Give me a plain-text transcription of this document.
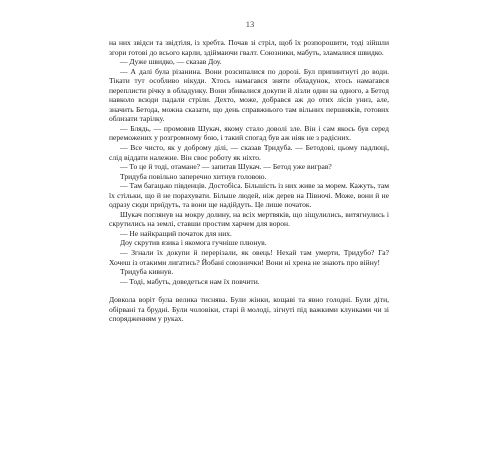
13

на них звідси та звідтіля, із хребта. Почав зі стріл, щоб їх розпорошити, тоді зійшли згори готові до всього карли, здіймаючи гвалт. Союзники, мабуть, зламалися швидко.

— Дуже швидко, — сказав Доу.

— А далі була різанина. Вони розсипалися по дорозі. Бул припинтнуті до води. Тікати тут особливо нікуди. Хтось намагався зняти обладунок, хтось намагався переплисти річку в обладунку. Вони збивалися докупи й лізли один на одного, а Бетод навколо всюди падали стріли. Дехто, може, добрався аж до отих лісів униз, але, значить Бетода, можна сказати, що день справжнього там вільних першняків, готових облизати тарілку.

— Блядь, — промовив Шукач, якому стало доволі зле. Він і сам якось був серед переможених у розгромному бою, і такий спогад був аж ніяк не з радісних.

— Все чисто, як у доброму ділі, — сказав Тридуба. — Бетодові, цьому падлюці, слід віддати належне. Він своє роботу як ніхто.

— То це й тоді, отамане? — запитав Шукач. — Бетод уже виграв?

Тридуба повільно заперечно хитнув головою.

— Там багацько південців. Достобіса. Більшість із них живе за морем. Кажуть, там їх стільки, що й не порахувати. Більше людей, ніж дерев на Півночі. Може, вони й не одразу сюди приїдуть, та вони ще надійдуть. Це лише початок.

Шукач поглянув на мокру долину, на всіх мертвяків, що зіщулились, витягнулись і скрутились на землі, ставши простим харчем для ворон.

— Не найкращий початок для них.

Доу скрутив язика і якомога гучніше плюнув.

— Згнали їх докупи й перерізали, як овець! Нехай там умерти, Тридубо? Га? Хочеш із отакими лигатись? Йобані союзнички! Вони ні хрена не знають про війну!

Тридуба кивнув.

— Тоді, мабуть, доведеться нам їх повчити.

Довкола воріт була велика тиснява. Були жінки, кощаві та явно голодні. Були діти, обірвані та брудні. Були чоловіки, старі й молоді, зігнуті під важкими клунками чи зі спорядженням у руках.
